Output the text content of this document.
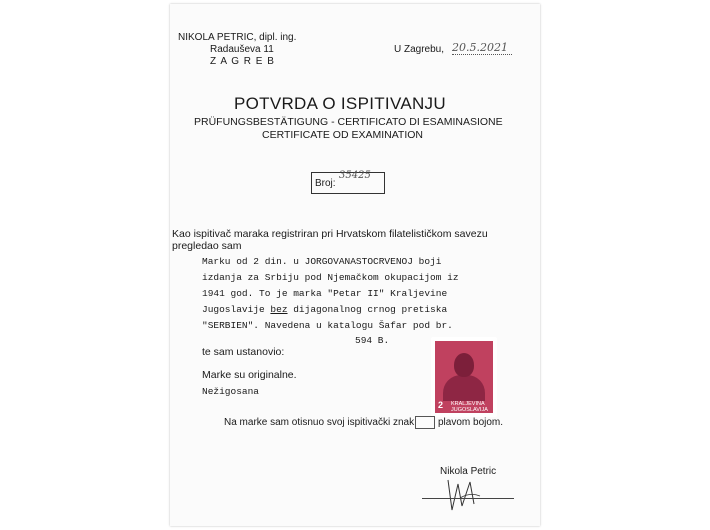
NIKOLA PETRIC, dipl. ing.
Radauševa 11
Z A G R E B
U Zagrebu, 20.5.2021
POTVRDA O ISPITIVANJU
PRÜFUNGSBESTÄTIGUNG - CERTIFICATO DI ESAMINASIONE
CERTIFICATE OD EXAMINATION
Broj:
35425
Kao ispitivač maraka registriran pri Hrvatskom filatelističkom savezu
pregledao sam
Marku od 2 din. u JORGOVANASTOCRVENOJ boji
izdanja za Srbiju pod Njemačkom okupacijom iz
1941 god. To je marka "Petar II" Kraljevine
Jugoslavije bez dijagonalnog crnog pretiska
"SERBIEN". Navedena u katalogu Šafar pod br.
594 B.
te sam ustanovio:
Marke su originalne.
Nežigosana
2 KRALJEVINA
JUGOSLAVIJA
Na marke sam otisnuo svoj ispitivački znak plavom bojom.
Nikola Petric
